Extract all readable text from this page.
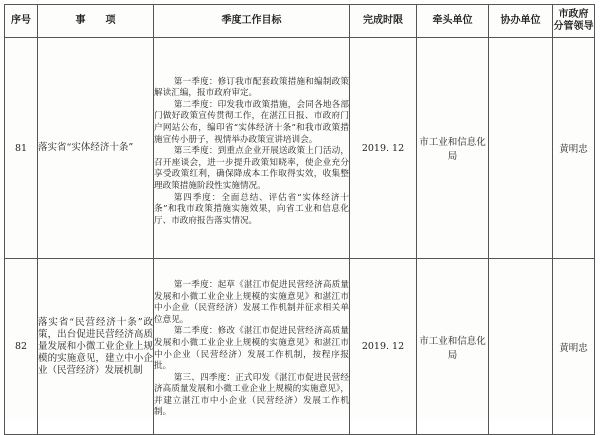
序号	事　　项	季度工作目标	完成时限	牵头单位	协办单位	市政府
分管领导

81	落实省“实体经济十条”	第一季度：修订我市配套政策措施和编制政策解读汇编，报市政府审定。

第二季度：印发我市政策措施，会同各地各部门做好政策宣传贯彻工作，在湛江日报、市政府门户网站公布，编印省“实体经济十条”和我市政策措施宣传小册子，视情举办政策宣讲培训会。

第三季度：到重点企业开展送政策上门活动，召开座谈会，进一步提升政策知晓率，使企业充分享受政策红利，确保降成本工作取得实效，收集整理政策措施阶段性实施情况。

第四季度：全面总结、评估省“实体经济十条”和我市政策措施实施效果，向省工业和信息化厅、市政府报告落实情况。	2019. 12	市工业和信息化局		黄明忠
82	落实省“民营经济十条”政策，出台促进民营经济高质量发展和小微工业企业上规模的实施意见，建立中小企业（民营经济）发展机制	第一季度：起草《湛江市促进民营经济高质量发展和小微工业企业上规模的实施意见》和湛江市中小企业（民营经济）发展工作机制并征求相关单位意见。

第二季度：修改《湛江市促进民营经济高质量发展和小微工业企业上规模的实施意见》和湛江市中小企业（民营经济）发展工作机制，按程序报批。

第三、四季度：正式印发《湛江市促进民营经济高质量发展和小微工业企业上规模的实施意见》，并建立湛江市中小企业（民营经济）发展工作机制。	2019. 12	市工业和信息化局		黄明忠
